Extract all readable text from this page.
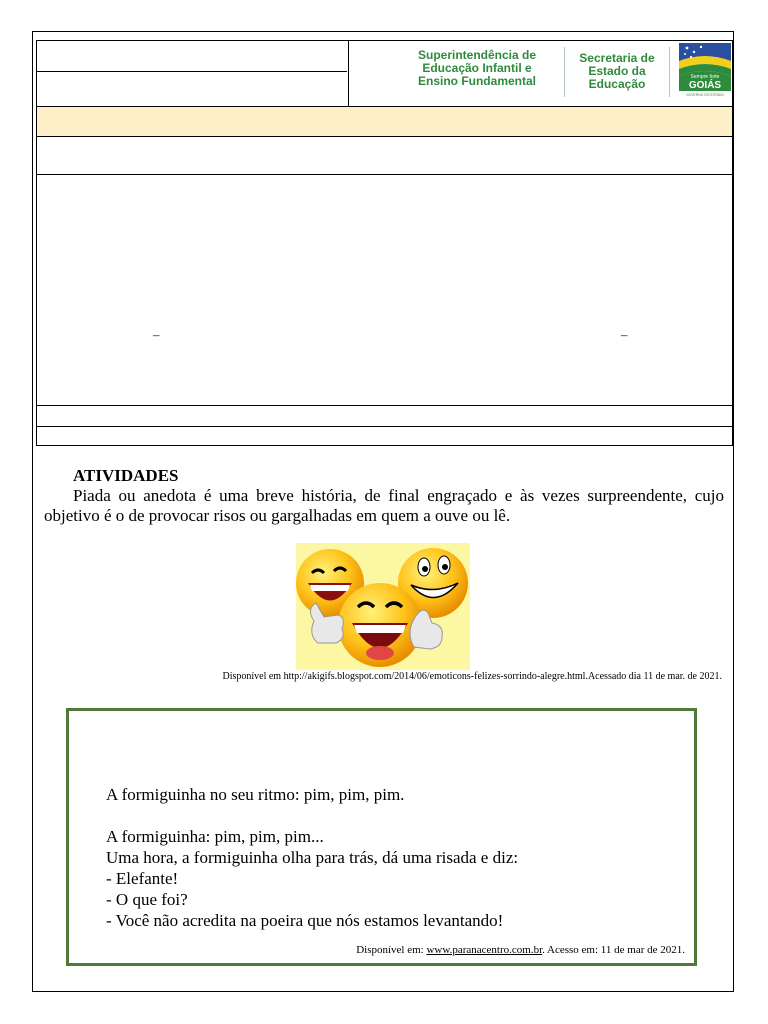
–	–
Superintendência de
Educação Infantil e
Ensino Fundamental
Secretaria de
Estado da
Educação	Sempre forte
GOIÁS
GOVERNO DO ESTADO
ATIVIDADES

Piada ou anedota é uma breve história, de final engraçado e às vezes surpreendente, cujo objetivo é o de provocar risos ou gargalhadas em quem a ouve ou lê.

Disponível em http://akigifs.blogspot.com/2014/06/emoticons-felizes-sorrindo-alegre.html.Acessado dia 11 de mar. de 2021.
A formiguinha no seu ritmo: pim, pim, pim.
A formiguinha: pim, pim, pim...
Uma hora, a formiguinha olha para trás, dá uma risada e diz:
- Elefante!
- O que foi?
- Você não acredita na poeira que nós estamos levantando!
Disponível em: www.paranacentro.com.br. Acesso em: 11 de mar de 2021.
